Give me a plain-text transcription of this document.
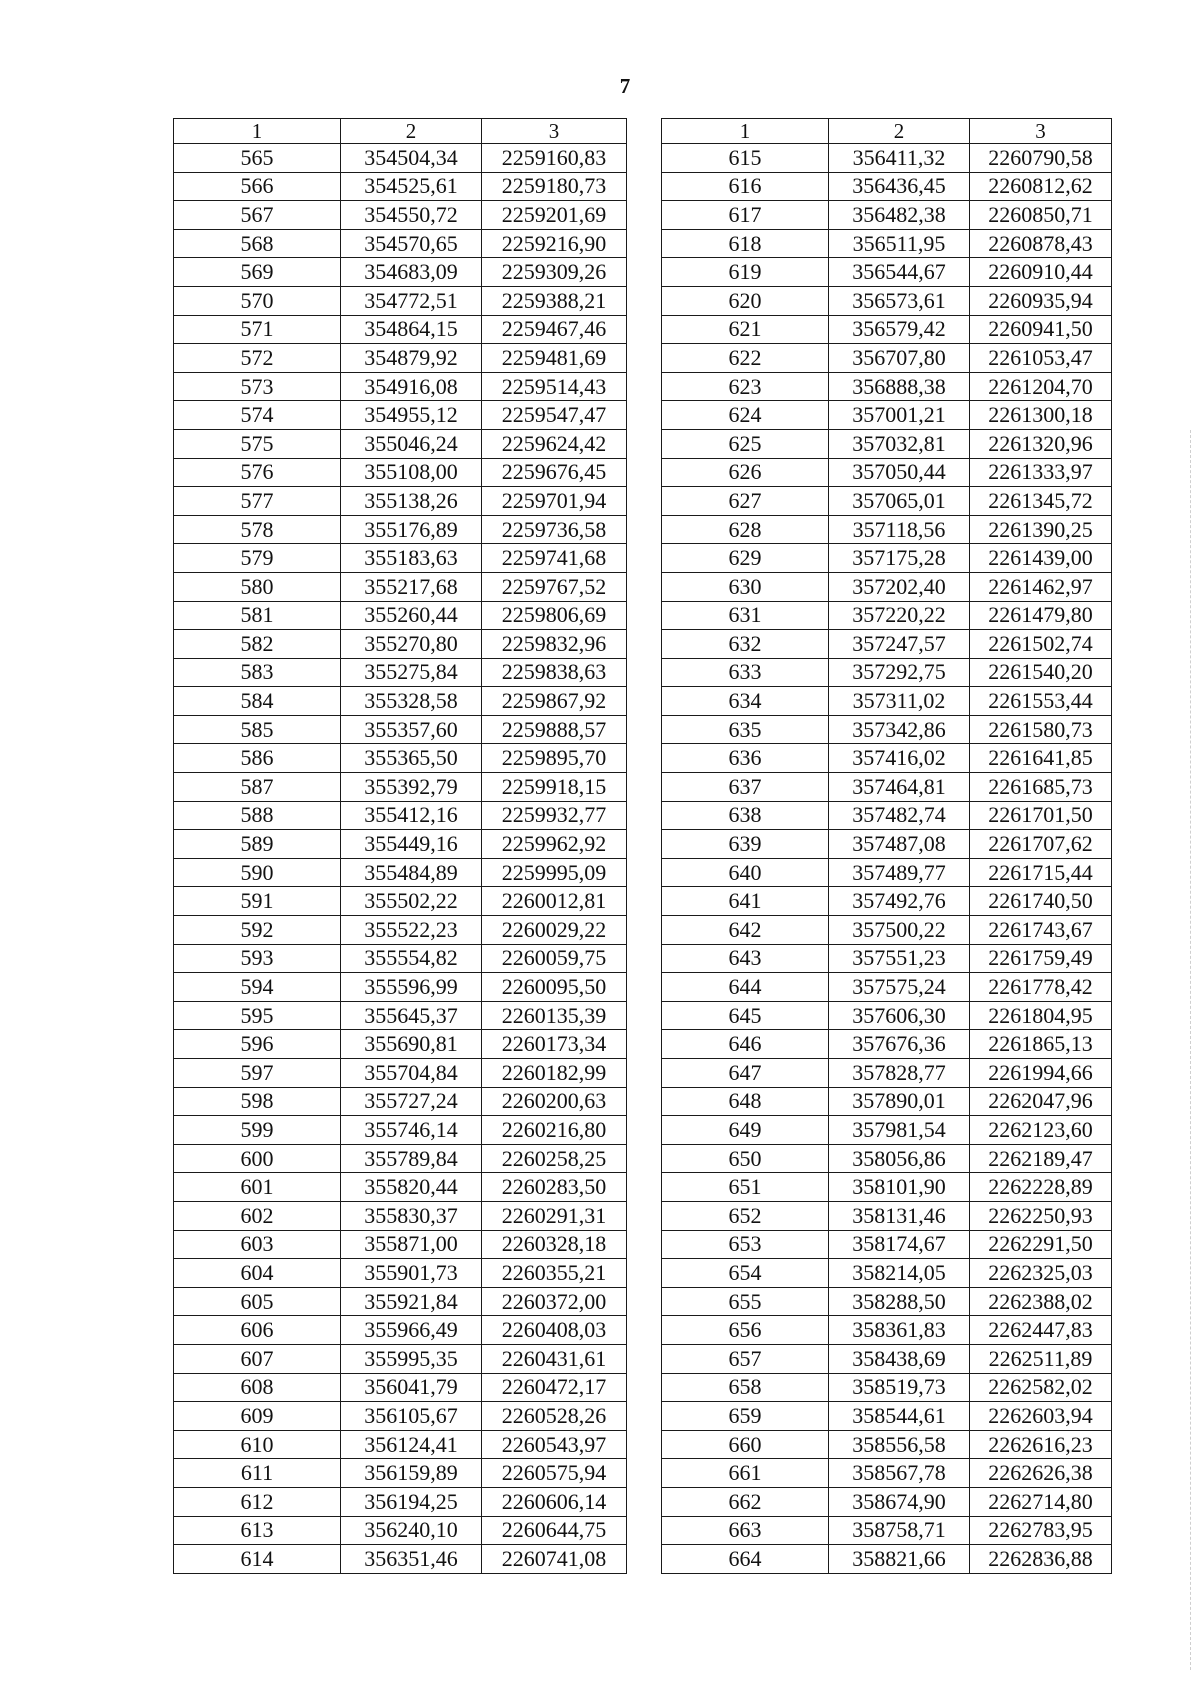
7
1	2	3
565	354504,34	2259160,83
566	354525,61	2259180,73
567	354550,72	2259201,69
568	354570,65	2259216,90
569	354683,09	2259309,26
570	354772,51	2259388,21
571	354864,15	2259467,46
572	354879,92	2259481,69
573	354916,08	2259514,43
574	354955,12	2259547,47
575	355046,24	2259624,42
576	355108,00	2259676,45
577	355138,26	2259701,94
578	355176,89	2259736,58
579	355183,63	2259741,68
580	355217,68	2259767,52
581	355260,44	2259806,69
582	355270,80	2259832,96
583	355275,84	2259838,63
584	355328,58	2259867,92
585	355357,60	2259888,57
586	355365,50	2259895,70
587	355392,79	2259918,15
588	355412,16	2259932,77
589	355449,16	2259962,92
590	355484,89	2259995,09
591	355502,22	2260012,81
592	355522,23	2260029,22
593	355554,82	2260059,75
594	355596,99	2260095,50
595	355645,37	2260135,39
596	355690,81	2260173,34
597	355704,84	2260182,99
598	355727,24	2260200,63
599	355746,14	2260216,80
600	355789,84	2260258,25
601	355820,44	2260283,50
602	355830,37	2260291,31
603	355871,00	2260328,18
604	355901,73	2260355,21
605	355921,84	2260372,00
606	355966,49	2260408,03
607	355995,35	2260431,61
608	356041,79	2260472,17
609	356105,67	2260528,26
610	356124,41	2260543,97
611	356159,89	2260575,94
612	356194,25	2260606,14
613	356240,10	2260644,75
614	356351,46	2260741,08
1	2	3
615	356411,32	2260790,58
616	356436,45	2260812,62
617	356482,38	2260850,71
618	356511,95	2260878,43
619	356544,67	2260910,44
620	356573,61	2260935,94
621	356579,42	2260941,50
622	356707,80	2261053,47
623	356888,38	2261204,70
624	357001,21	2261300,18
625	357032,81	2261320,96
626	357050,44	2261333,97
627	357065,01	2261345,72
628	357118,56	2261390,25
629	357175,28	2261439,00
630	357202,40	2261462,97
631	357220,22	2261479,80
632	357247,57	2261502,74
633	357292,75	2261540,20
634	357311,02	2261553,44
635	357342,86	2261580,73
636	357416,02	2261641,85
637	357464,81	2261685,73
638	357482,74	2261701,50
639	357487,08	2261707,62
640	357489,77	2261715,44
641	357492,76	2261740,50
642	357500,22	2261743,67
643	357551,23	2261759,49
644	357575,24	2261778,42
645	357606,30	2261804,95
646	357676,36	2261865,13
647	357828,77	2261994,66
648	357890,01	2262047,96
649	357981,54	2262123,60
650	358056,86	2262189,47
651	358101,90	2262228,89
652	358131,46	2262250,93
653	358174,67	2262291,50
654	358214,05	2262325,03
655	358288,50	2262388,02
656	358361,83	2262447,83
657	358438,69	2262511,89
658	358519,73	2262582,02
659	358544,61	2262603,94
660	358556,58	2262616,23
661	358567,78	2262626,38
662	358674,90	2262714,80
663	358758,71	2262783,95
664	358821,66	2262836,88
